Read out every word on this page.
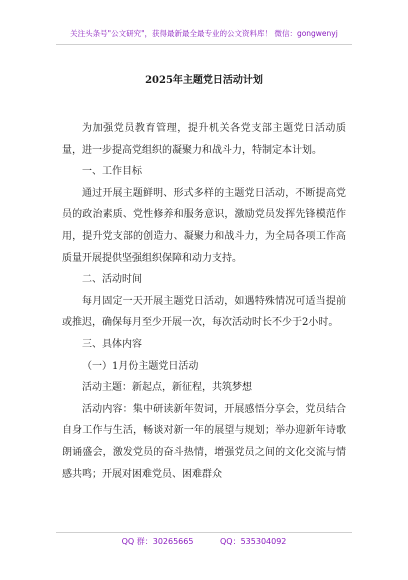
关注头条号"公文研究"，获得最新最全最专业的公文资料库！ 微信：gongwenyj
2025年主题党日活动计划

为加强党员教育管理，提升机关各党支部主题党日活动质量，进一步提高党组织的凝聚力和战斗力，特制定本计划。

一、工作目标

通过开展主题鲜明、形式多样的主题党日活动，不断提高党员的政治素质、党性修养和服务意识，激励党员发挥先锋模范作用，提升党支部的创造力、凝聚力和战斗力，为全局各项工作高质量开展提供坚强组织保障和动力支持。

二、活动时间

每月固定一天开展主题党日活动，如遇特殊情况可适当提前或推迟，确保每月至少开展一次，每次活动时长不少于2小时。

三、具体内容

（一）1月份主题党日活动

活动主题：新起点，新征程，共筑梦想

活动内容：集中研读新年贺词，开展感悟分享会，党员结合自身工作与生活，畅谈对新一年的展望与规划；举办迎新年诗歌朗诵盛会，激发党员的奋斗热情，增强党员之间的文化交流与情感共鸣；开展对困难党员、困难群众

QQ 群：30265665	QQ：535304092
